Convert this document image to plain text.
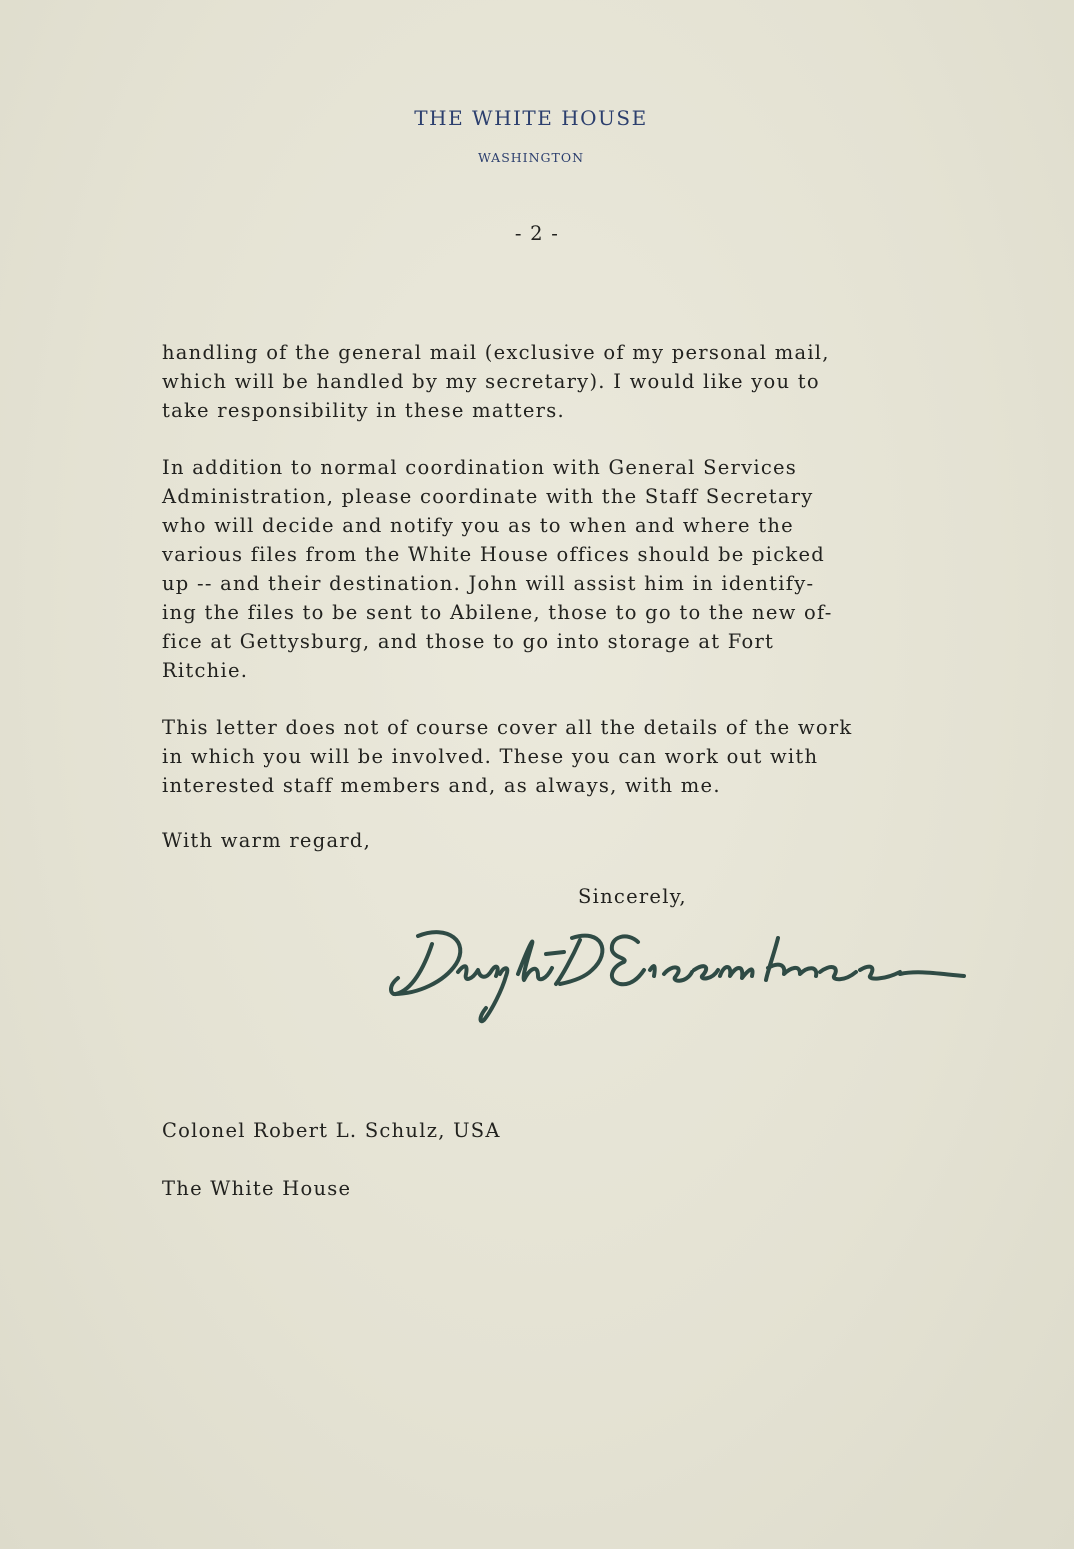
THE WHITE HOUSE
WASHINGTON
- 2 -
handling of the general mail (exclusive of my personal mail,
which will be handled by my secretary). I would like you to
take responsibility in these matters.
In addition to normal coordination with General Services
Administration, please coordinate with the Staff Secretary
who will decide and notify you as to when and where the
various files from the White House offices should be picked
up -- and their destination. John will assist him in identify-
ing the files to be sent to Abilene, those to go to the new of-
fice at Gettysburg, and those to go into storage at Fort
Ritchie.
This letter does not of course cover all the details of the work
in which you will be involved. These you can work out with
interested staff members and, as always, with me.
With warm regard,
Sincerely,
Colonel Robert L. Schulz, USA
The White House
